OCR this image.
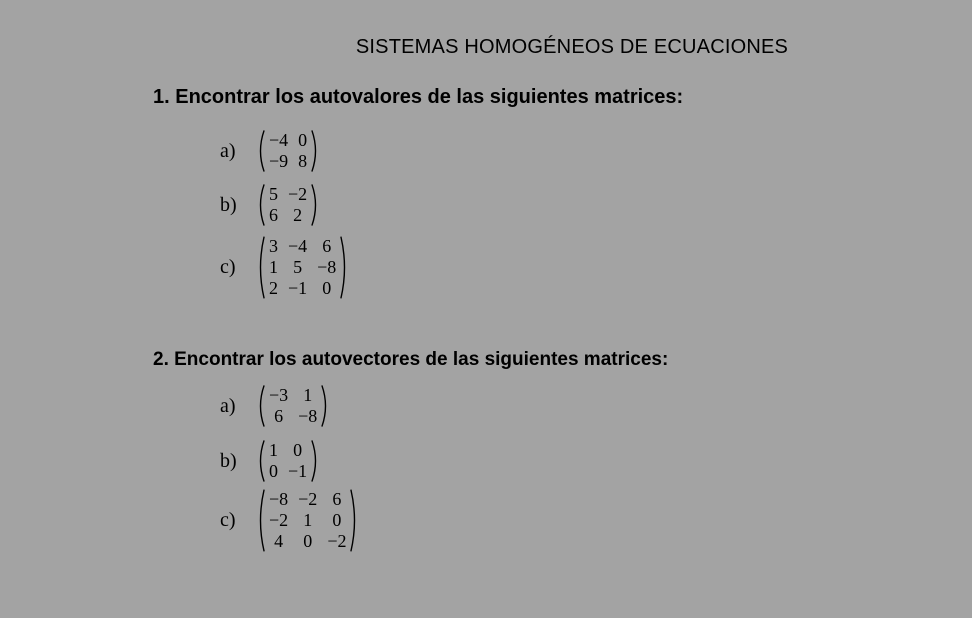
SISTEMAS HOMOGÉNEOS DE ECUACIONES
1. Encontrar los autovalores de las siguientes matrices:
2. Encontrar los autovectores de las siguientes matrices:
a)	−4	0
−9	8
b)	5	−2
6	2
c)
3	−4	6
1	5	−8
2	−1	0
a)	−3	1
6	−8
b)	1	0
0	−1
c)
−8	−2	6
−2	1	0
4	0	−2
